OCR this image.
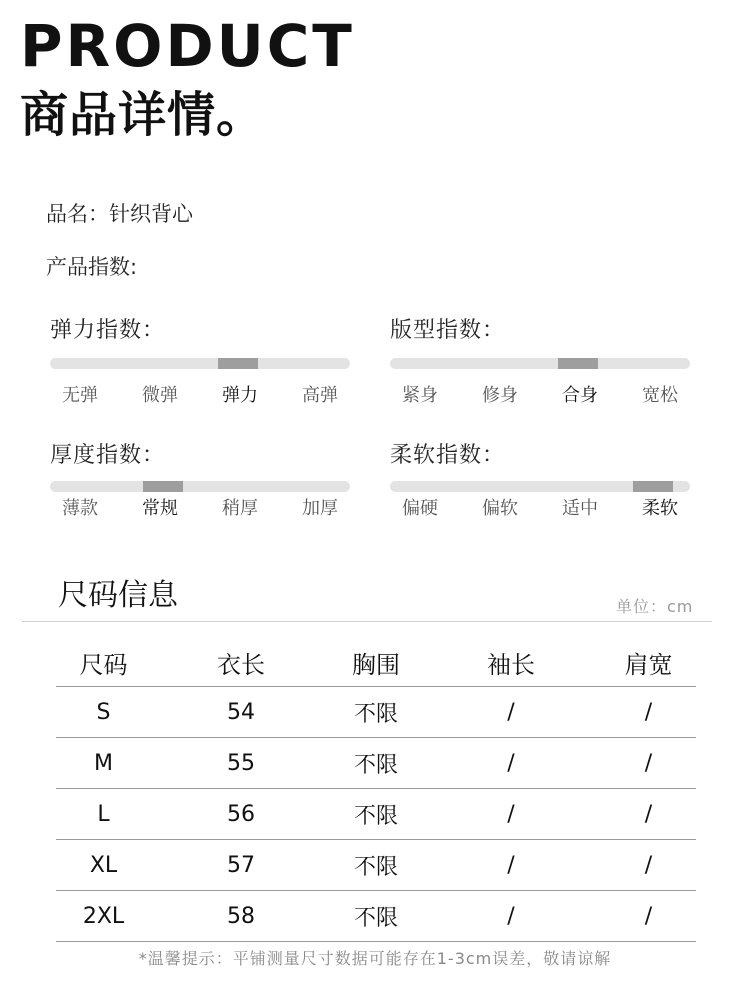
PRODUCT
商品详情。
品名：针织背心
产品指数:
弹力指数：
无弹	微弹	弹力	高弹
版型指数：
紧身	修身	合身	宽松
厚度指数：
薄款	常规	稍厚	加厚
柔软指数：
偏硬	偏软	适中	柔软
尺码信息	单位：cm
尺码	衣长	胸围	袖长	肩宽
S	54	不限	/	/
M	55	不限	/	/
L	56	不限	/	/
XL	57	不限	/	/
2XL	58	不限	/	/
*温馨提示：平铺测量尺寸数据可能存在1-3cm误差，敬请谅解
